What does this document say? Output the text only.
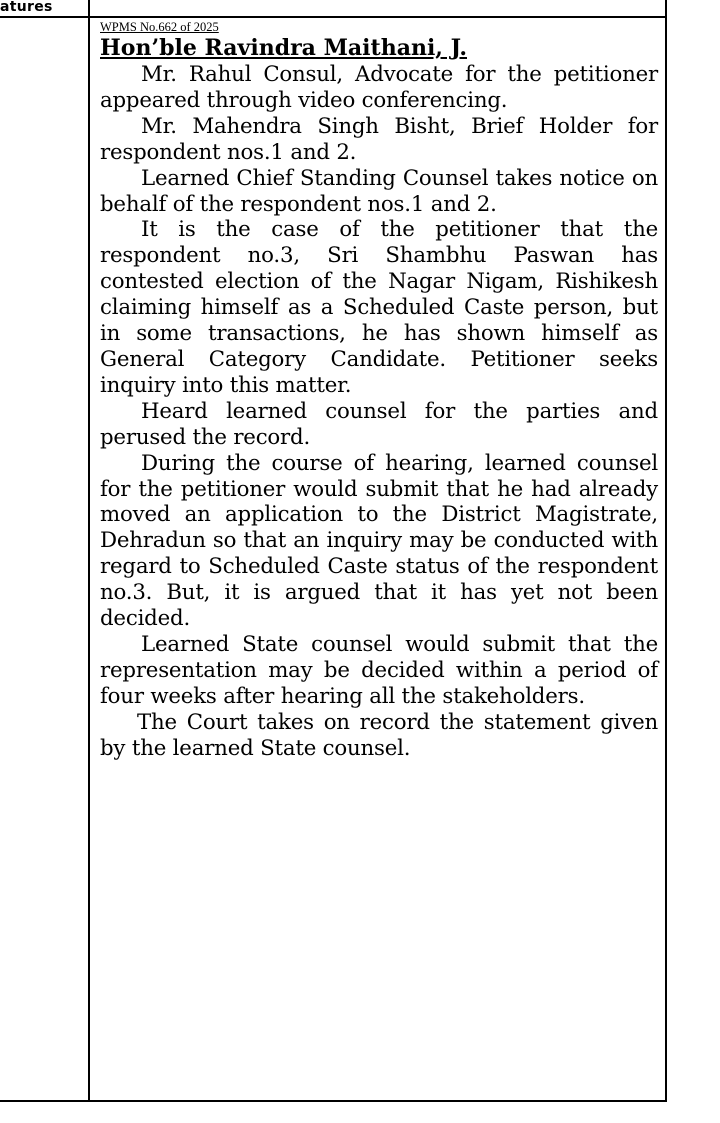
atures

WPMS No.662 of 2025

Hon’ble Ravindra Maithani, J.

Mr. Rahul Consul, Advocate for the petitioner appeared through video conferencing.

Mr. Mahendra Singh Bisht, Brief Holder for respondent nos.1 and 2.

Learned Chief Standing Counsel takes notice on behalf of the respondent nos.1 and 2.

It is the case of the petitioner that the respondent no.3, Sri Shambhu Paswan has contested election of the Nagar Nigam, Rishikesh claiming himself as a Scheduled Caste person, but in some transactions, he has shown himself as General Category Candidate. Petitioner seeks inquiry into this matter.

Heard learned counsel for the parties and perused the record.

During the course of hearing, learned counsel for the petitioner would submit that he had already moved an application to the District Magistrate, Dehradun so that an inquiry may be conducted with regard to Scheduled Caste status of the respondent no.3. But, it is argued that it has yet not been decided.

Learned State counsel would submit that the representation may be decided within a period of four weeks after hearing all the stakeholders.

The Court takes on record the statement given by the learned State counsel.
